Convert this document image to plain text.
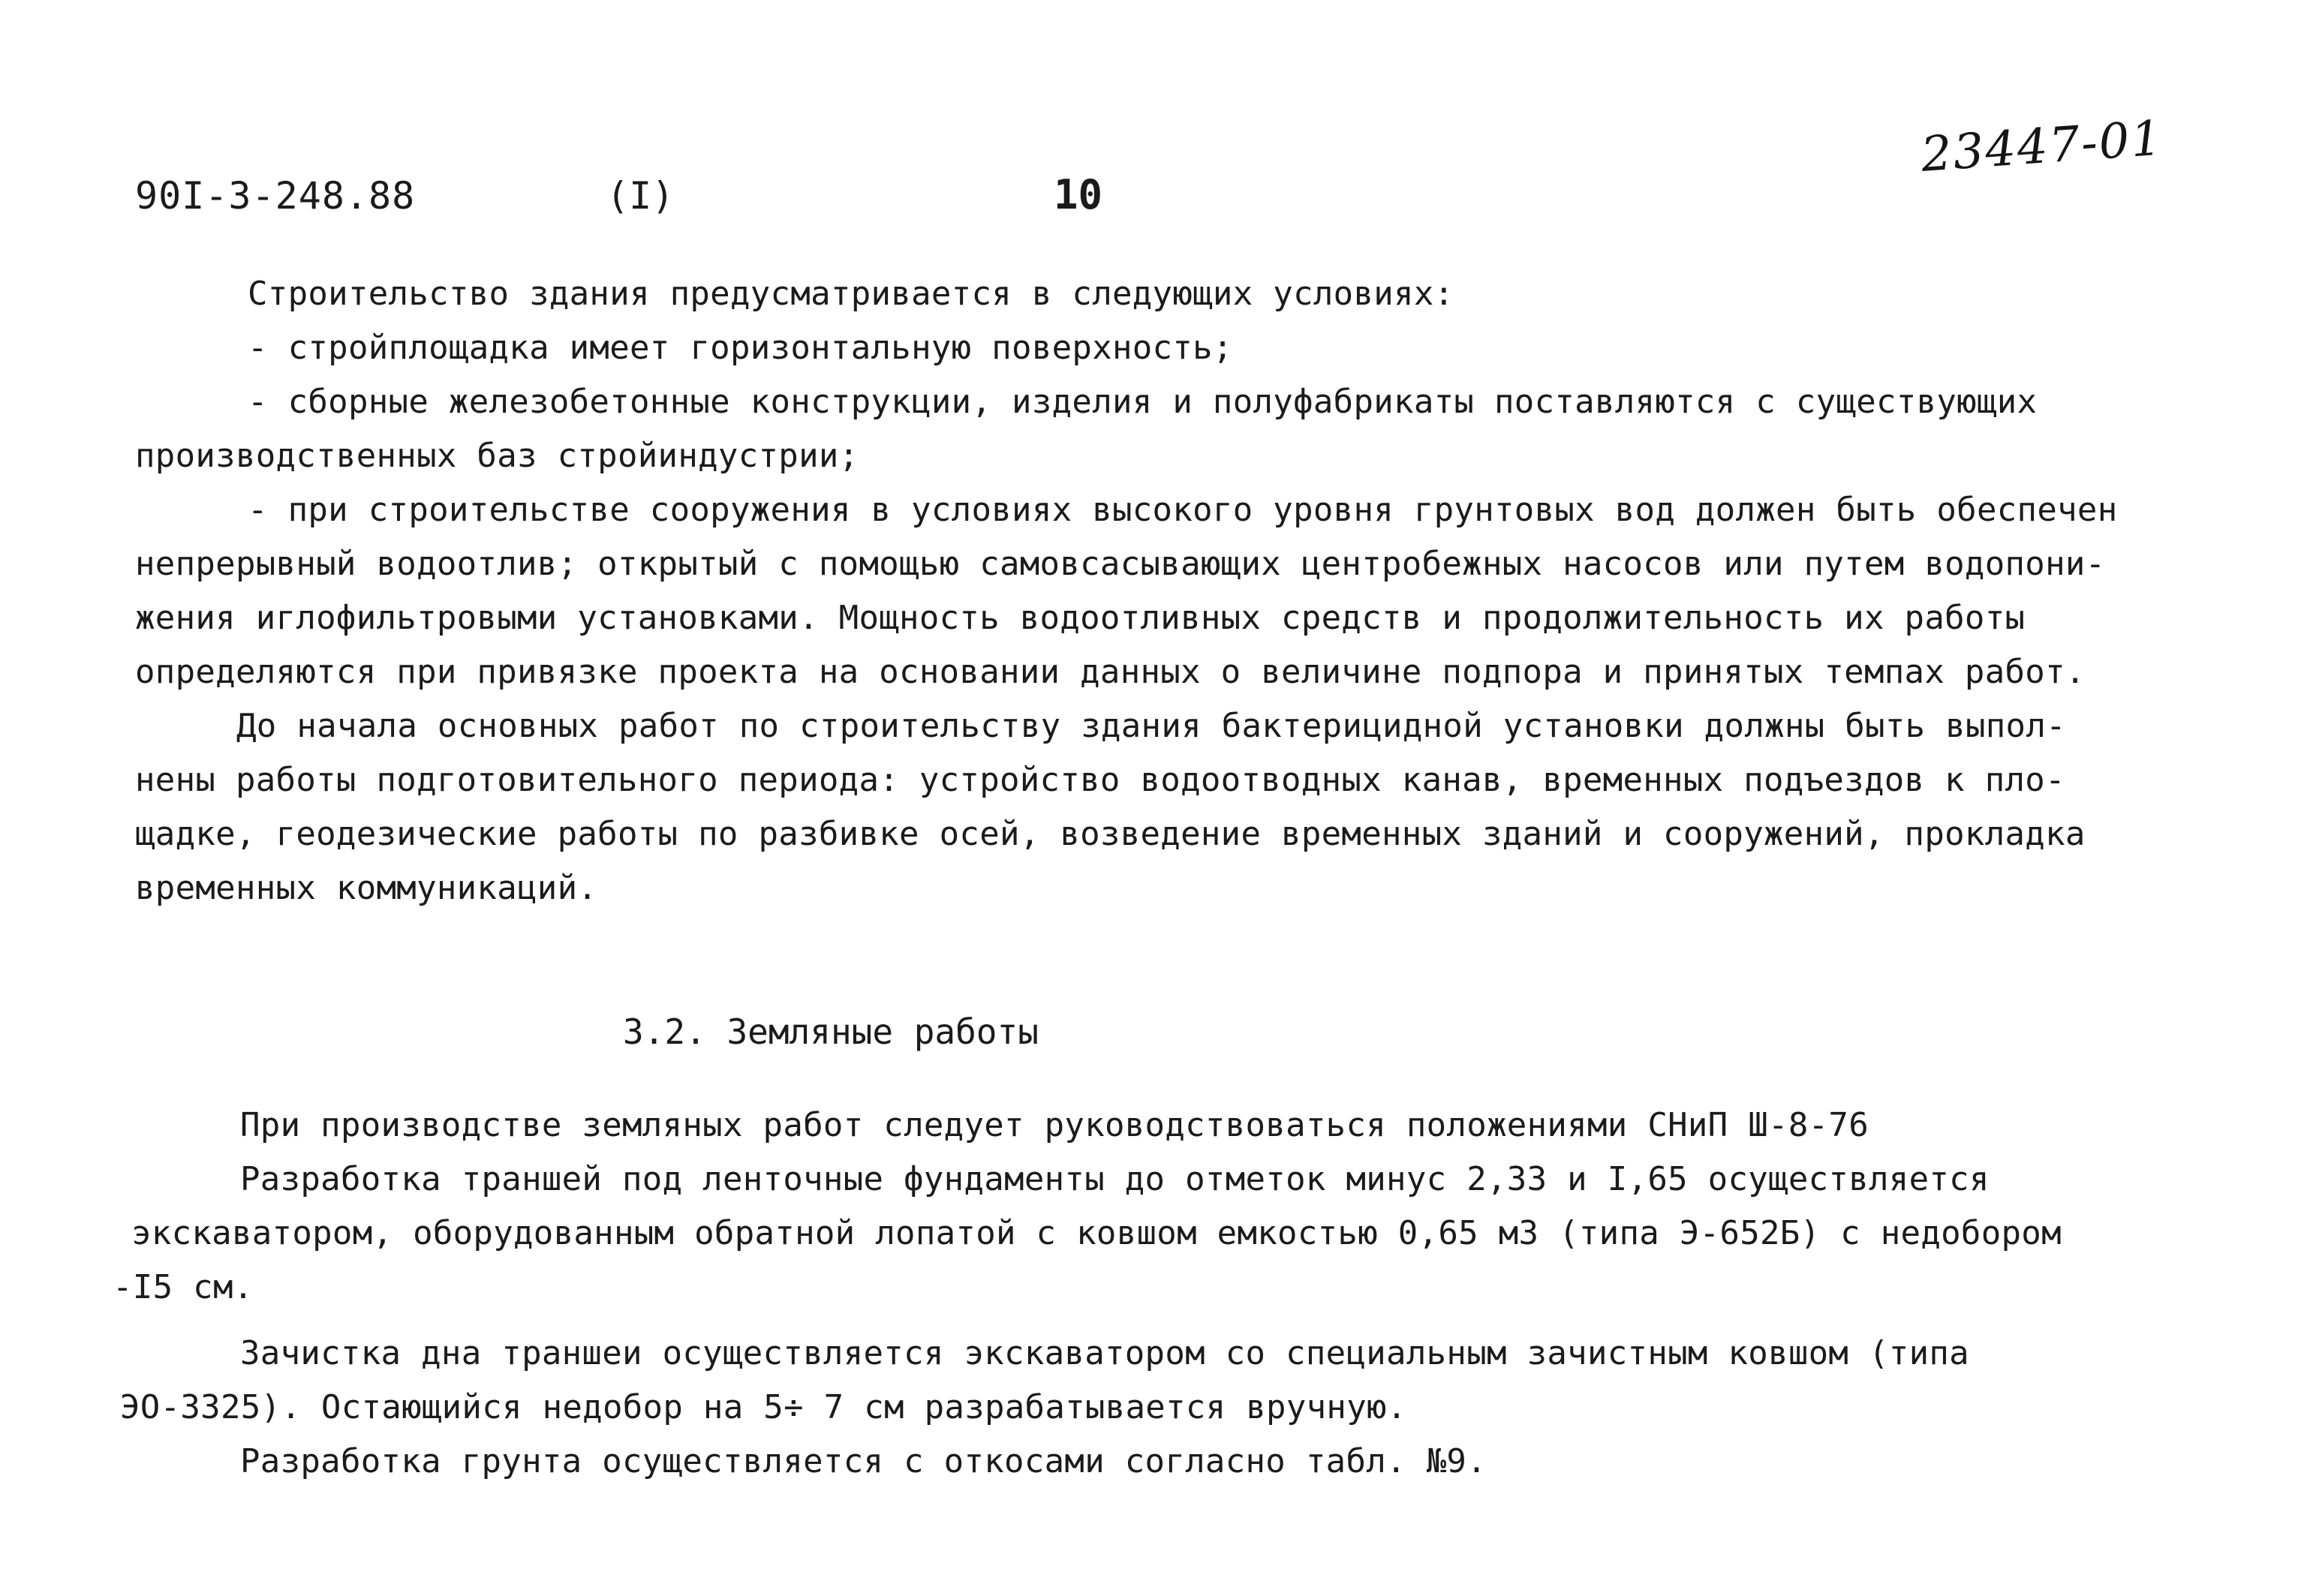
90I-3-248.88	(I)	10
23447-01
Строительство здания предусматривается в следующих условиях:
- стройплощадка имеет горизонтальную поверхность;
- сборные железобетонные конструкции, изделия и полуфабрикаты поставляются с существующих
производственных баз стройиндустрии;
- при строительстве сооружения в условиях высокого уровня грунтовых вод должен быть обеспечен
непрерывный водоотлив; открытый с помощью самовсасывающих центробежных насосов или путем водопони-
жения иглофильтровыми установками. Мощность водоотливных средств и продолжительность их работы
определяются при привязке проекта на основании данных о величине подпора и принятых темпах работ.
До начала основных работ по строительству здания бактерицидной установки должны быть выпол-
нены работы подготовительного периода: устройство водоотводных канав, временных подъездов к пло-
щадке, геодезические работы по разбивке осей, возведение временных зданий и сооружений, прокладка
временных коммуникаций.
3.2. Земляные работы
При производстве земляных работ следует руководствоваться положениями СНиП Ш-8-76
Разработка траншей под ленточные фундаменты до отметок минус 2,33 и I,65 осуществляется
экскаватором, оборудованным обратной лопатой с ковшом емкостью 0,65 м3 (типа Э-652Б) с недобором
-I5 см.
Зачистка дна траншеи осуществляется экскаватором со специальным зачистным ковшом (типа
ЭО-3325). Остающийся недобор на 5÷ 7 см разрабатывается вручную.
Разработка грунта осуществляется с откосами согласно табл. №9.
